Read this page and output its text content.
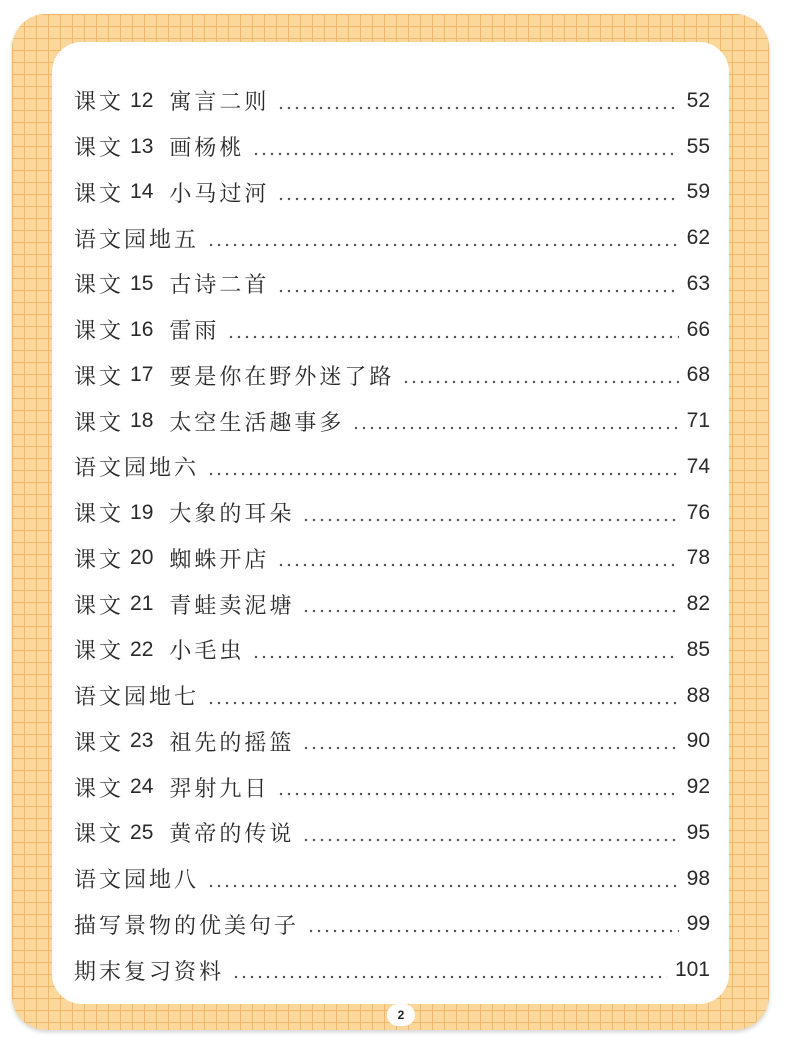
课文 12 寓言二则	52
课文 13 画杨桃	55
课文 14 小马过河	59
语文园地五	62
课文 15 古诗二首	63
课文 16 雷雨	66
课文 17 要是你在野外迷了路	68
课文 18 太空生活趣事多	71
语文园地六	74
课文 19 大象的耳朵	76
课文 20 蜘蛛开店	78
课文 21 青蛙卖泥塘	82
课文 22 小毛虫	85
语文园地七	88
课文 23 祖先的摇篮	90
课文 24 羿射九日	92
课文 25 黄帝的传说	95
语文园地八	98
描写景物的优美句子	99
期末复习资料	101
2
